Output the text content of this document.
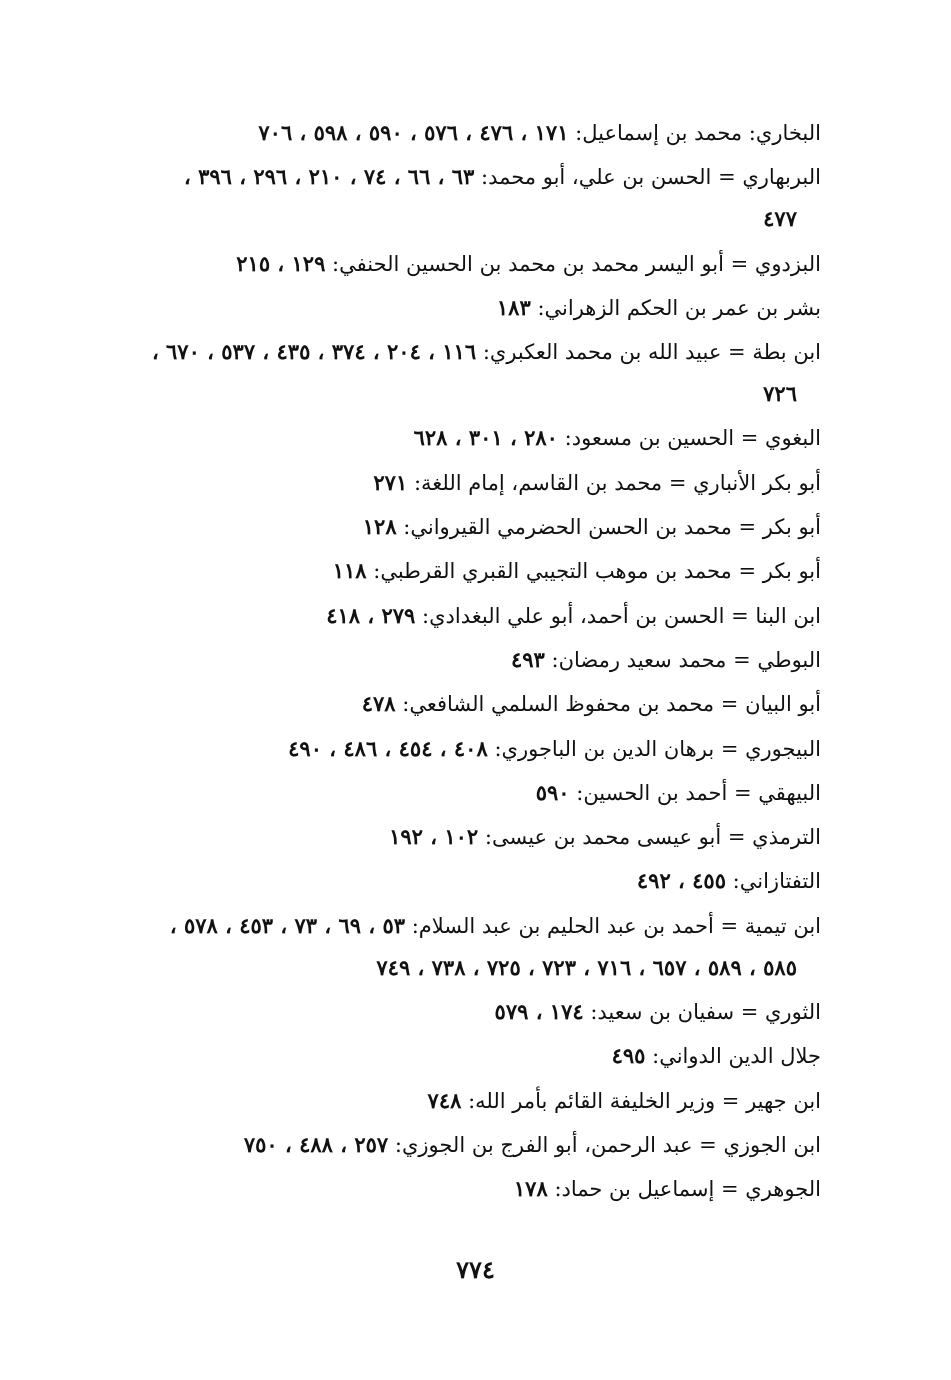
البخاري: محمد بن إسماعيل: ١٧١ ، ٤٧٦ ، ٥٧٦ ، ٥٩٠ ، ٥٩٨ ، ٧٠٦
البربهاري = الحسن بن علي، أبو محمد: ٦٣ ، ٦٦ ، ٧٤ ، ٢١٠ ، ٢٩٦ ، ٣٩٦ ،
٤٧٧
البزدوي = أبو اليسر محمد بن محمد بن الحسين الحنفي: ١٢٩ ، ٢١٥
بشر بن عمر بن الحكم الزهراني: ١٨٣
ابن بطة = عبيد الله بن محمد العكبري: ١١٦ ، ٢٠٤ ، ٣٧٤ ، ٤٣٥ ، ٥٣٧ ، ٦٧٠ ،
٧٢٦
البغوي = الحسين بن مسعود: ٢٨٠ ، ٣٠١ ، ٦٢٨
أبو بكر الأنباري = محمد بن القاسم، إمام اللغة: ٢٧١
أبو بكر = محمد بن الحسن الحضرمي القيرواني: ١٢٨
أبو بكر = محمد بن موهب التجيبي القبري القرطبي: ١١٨
ابن البنا = الحسن بن أحمد، أبو علي البغدادي: ٢٧٩ ، ٤١٨
البوطي = محمد سعيد رمضان: ٤٩٣
أبو البيان = محمد بن محفوظ السلمي الشافعي: ٤٧٨
البيجوري = برهان الدين بن الباجوري: ٤٠٨ ، ٤٥٤ ، ٤٨٦ ، ٤٩٠
البيهقي = أحمد بن الحسين: ٥٩٠
الترمذي = أبو عيسى محمد بن عيسى: ١٠٢ ، ١٩٢
التفتازاني: ٤٥٥ ، ٤٩٢
ابن تيمية = أحمد بن عبد الحليم بن عبد السلام: ٥٣ ، ٦٩ ، ٧٣ ، ٤٥٣ ، ٥٧٨ ،
٥٨٥ ، ٥٨٩ ، ٦٥٧ ، ٧١٦ ، ٧٢٣ ، ٧٢٥ ، ٧٣٨ ، ٧٤٩
الثوري = سفيان بن سعيد: ١٧٤ ، ٥٧٩
جلال الدين الدواني: ٤٩٥
ابن جهير = وزير الخليفة القائم بأمر الله: ٧٤٨
ابن الجوزي = عبد الرحمن، أبو الفرج بن الجوزي: ٢٥٧ ، ٤٨٨ ، ٧٥٠
الجوهري = إسماعيل بن حماد: ١٧٨
٧٧٤
